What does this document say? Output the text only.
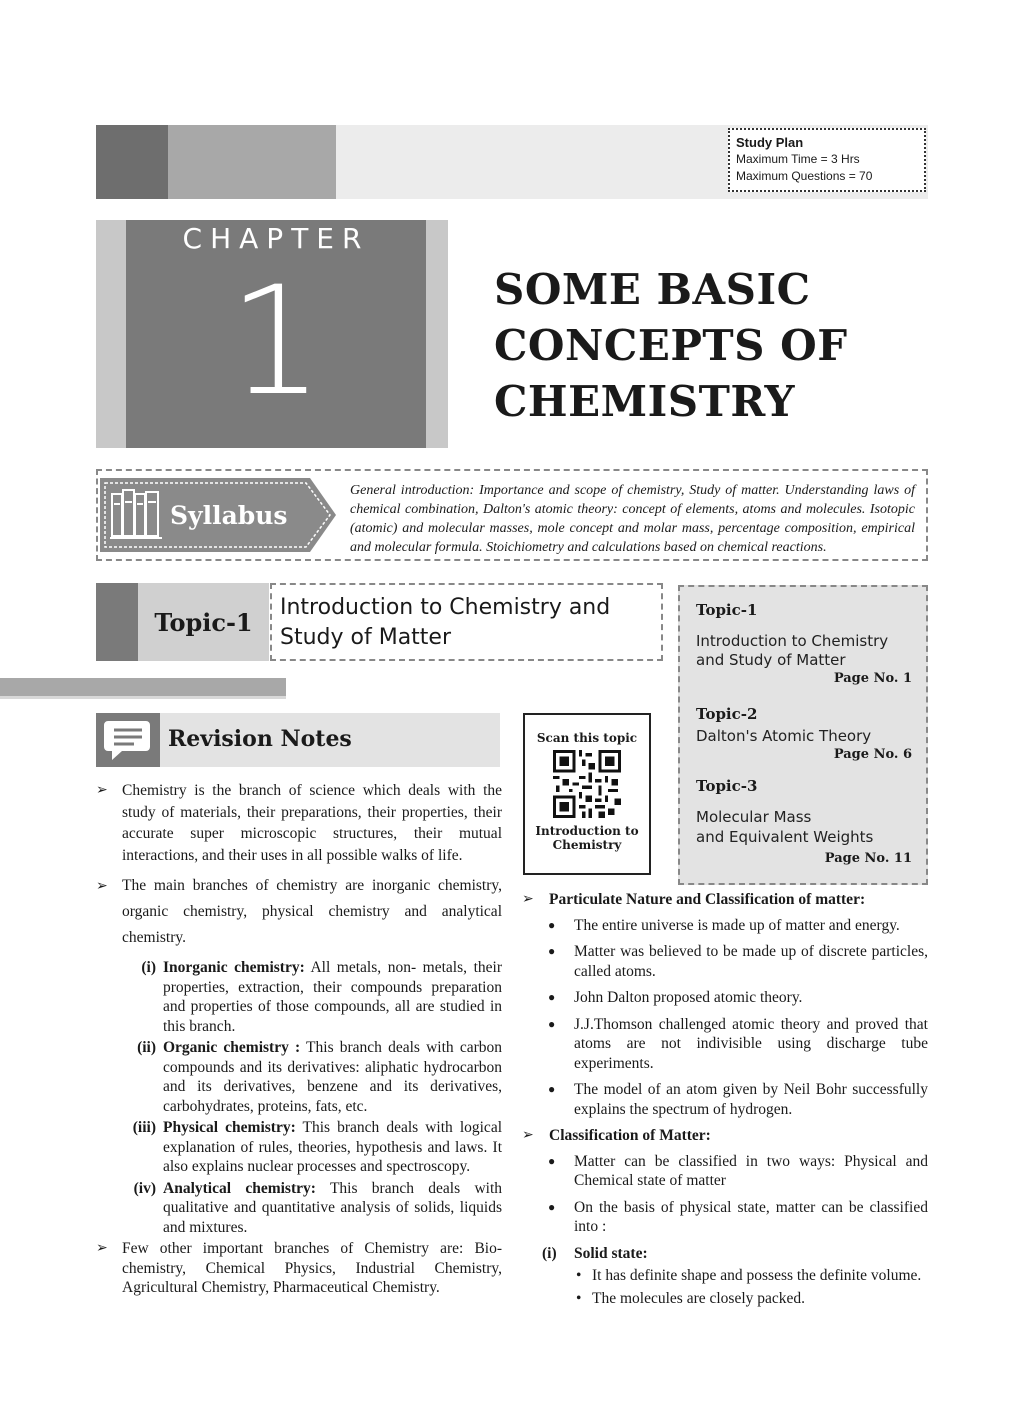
Study Plan
Maximum Time = 3 Hrs
Maximum Questions = 70
CHAPTER
1	SOME BASIC
CONCEPTS OF
CHEMISTRY
Syllabus
General introduction: Importance and scope of chemistry, Study of matter. Understanding laws of chemical combination, Dalton's atomic theory: concept of elements, atoms and molecules. Isotopic (atomic) and molecular masses, mole concept and molar mass, percentage composition, empirical and molecular formula. Stoichiometry and calculations based on chemical reactions.
Topic-1	Introduction to Chemistry and
Study of Matter
Topic-1
Introduction to Chemistry
and Study of Matter
Page No. 1
Topic-2
Dalton's Atomic Theory
Page No. 6
Topic-3
Molecular Mass
and Equivalent Weights
Page No. 11
Revision Notes	Scan this topic
Introduction to
Chemistry
➢ Chemistry is the branch of science which deals with the study of materials, their preparations, their properties, their accurate super microscopic structures, their mutual interactions, and their uses in all possible walks of life.
➢ The main branches of chemistry are inorganic chemistry, organic chemistry, physical chemistry and analytical chemistry.
(i) Inorganic chemistry: All metals, non- metals, their properties, extraction, their compounds preparation and properties of those compounds, all are studied in this branch.
(ii) Organic chemistry : This branch deals with carbon compounds and its derivatives: aliphatic hydrocarbon and its derivatives, benzene and its derivatives, carbohydrates, proteins, fats, etc.
(iii) Physical chemistry: This branch deals with logical explanation of rules, theories, hypothesis and laws. It also explains nuclear processes and spectroscopy.
(iv) Analytical chemistry: This branch deals with qualitative and quantitative analysis of solids, liquids and mixtures.
➢ Few other important branches of Chemistry are: Bio-chemistry, Chemical Physics, Industrial Chemistry, Agricultural Chemistry, Pharmaceutical Chemistry.
➢ Particulate Nature and Classification of matter:
● The entire universe is made up of matter and energy.
● Matter was believed to be made up of discrete particles, called atoms.
● John Dalton proposed atomic theory.
● J.J.Thomson challenged atomic theory and proved that atoms are not indivisible using discharge tube experiments.
● The model of an atom given by Neil Bohr successfully explains the spectrum of hydrogen.
➢ Classification of Matter:
● Matter can be classified in two ways: Physical and Chemical state of matter
● On the basis of physical state, matter can be classified into :
(i) Solid state:
• It has definite shape and possess the definite volume.
• The molecules are closely packed.
